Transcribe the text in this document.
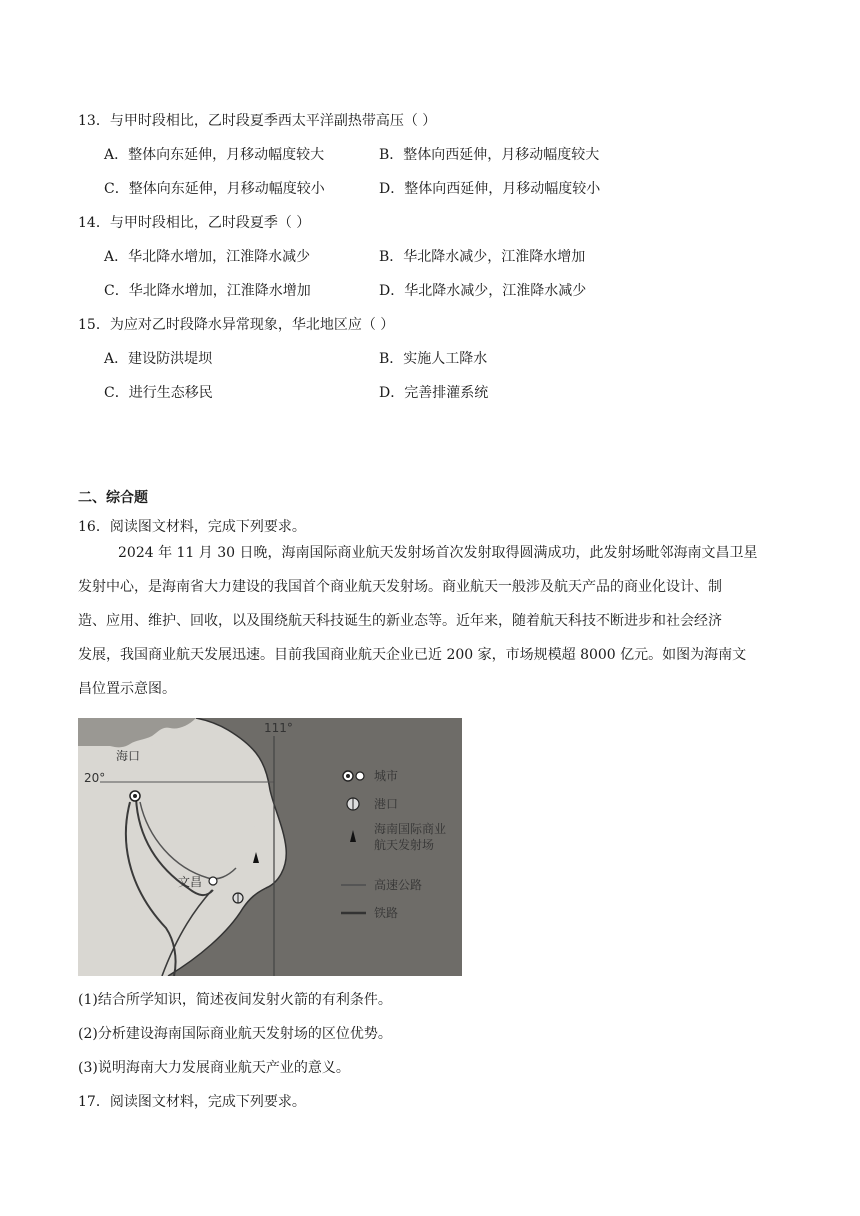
13．与甲时段相比，乙时段夏季西太平洋副热带高压（ ）
A．整体向东延伸，月移动幅度较大	B．整体向西延伸，月移动幅度较大
C．整体向东延伸，月移动幅度较小	D．整体向西延伸，月移动幅度较小
14．与甲时段相比，乙时段夏季（ ）
A．华北降水增加，江淮降水减少	B．华北降水减少，江淮降水增加
C．华北降水增加，江淮降水增加	D．华北降水减少，江淮降水减少
15．为应对乙时段降水异常现象，华北地区应（ ）
A．建设防洪堤坝	B．实施人工降水
C．进行生态移民	D．完善排灌系统
二、综合题
16．阅读图文材料，完成下列要求。
2024 年 11 月 30 日晚，海南国际商业航天发射场首次发射取得圆满成功，此发射场毗邻海南文昌卫星
发射中心，是海南省大力建设的我国首个商业航天发射场。商业航天一般涉及航天产品的商业化设计、制
造、应用、维护、回收，以及围绕航天科技诞生的新业态等。近年来，随着航天科技不断进步和社会经济
发展，我国商业航天发展迅速。目前我国商业航天企业已近 200 家，市场规模超 8000 亿元。如图为海南文
昌位置示意图。
111°
20°
海口
文昌
城市
港口
海南国际商业
航天发射场
高速公路
铁路
(1)结合所学知识，简述夜间发射火箭的有利条件。
(2)分析建设海南国际商业航天发射场的区位优势。
(3)说明海南大力发展商业航天产业的意义。
17．阅读图文材料，完成下列要求。
